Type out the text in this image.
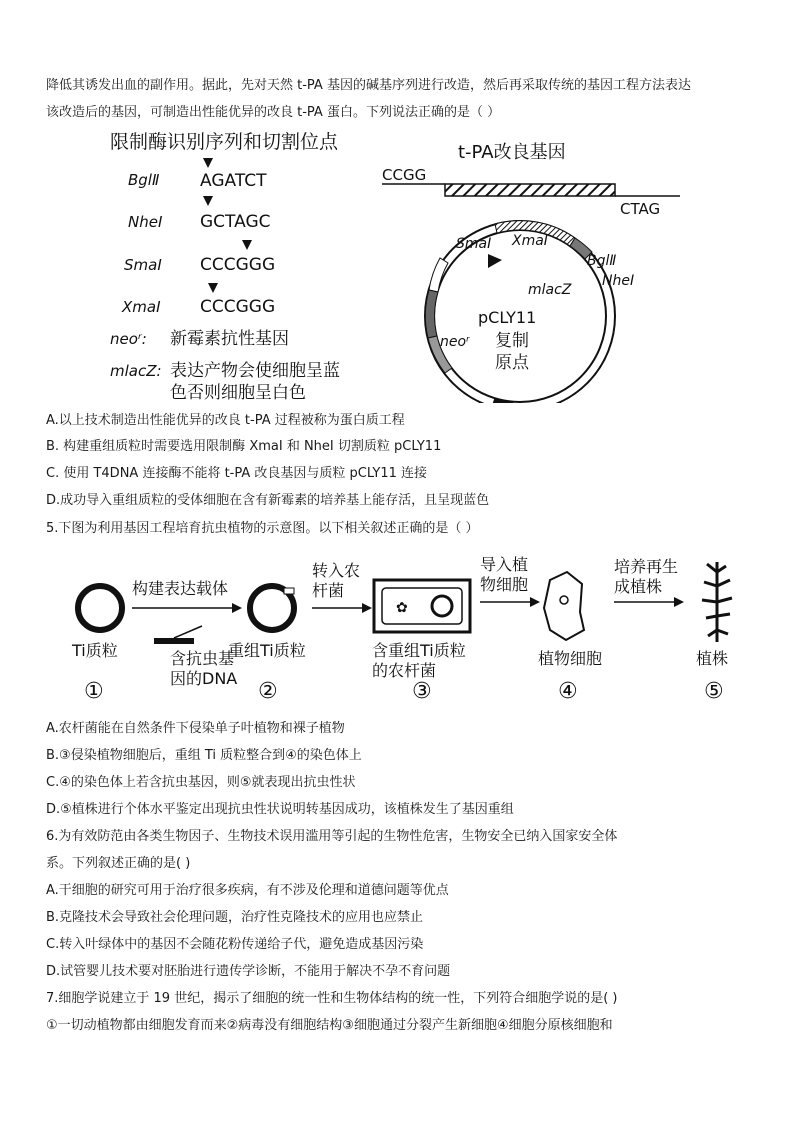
降低其诱发出血的副作用。据此，先对天然 t-PA 基因的碱基序列进行改造，然后再采取传统的基因工程方法表达
该改造后的基因，可制造出性能优异的改良 t-PA 蛋白。下列说法正确的是（ ）
限制酶识别序列和切割位点
BglⅡ AGATCT
NheⅠ GCTAGC
SmaⅠ CCCGGG
XmaⅠ CCCGGG
neoʳ: 新霉素抗性基因
mlacZ: 表达产物会使细胞呈蓝
色否则细胞呈白色
t-PA改良基因
CCGG
CTAG
SmaⅠ XmaⅠ
BglⅡ
NheⅠ
mlacZ
pCLY11
neoʳ 复制
原点
A.以上技术制造出性能优异的改良 t-PA 过程被称为蛋白质工程
B. 构建重组质粒时需要选用限制酶 XmaI 和 NheI 切割质粒 pCLY11
C. 使用 T4DNA 连接酶不能将 t-PA 改良基因与质粒 pCLY11 连接
D.成功导入重组质粒的受体细胞在含有新霉素的培养基上能存活，且呈现蓝色
5.下图为利用基因工程培育抗虫植物的示意图。以下相关叙述正确的是（ ）
Ti质粒
①
构建表达载体
含抗虫基
因的DNA
重组Ti质粒
②
转入农
杆菌
✿
含重组Ti质粒
的农杆菌
③
导入植
物细胞
植物细胞
④
培养再生
成植株
植株
⑤
A.农杆菌能在自然条件下侵染单子叶植物和裸子植物
B.③侵染植物细胞后，重组 Ti 质粒整合到④的染色体上
C.④的染色体上若含抗虫基因，则⑤就表现出抗虫性状
D.⑤植株进行个体水平鉴定出现抗虫性状说明转基因成功，该植株发生了基因重组
6.为有效防范由各类生物因子、生物技术误用滥用等引起的生物性危害，生物安全已纳入国家安全体
系。下列叙述正确的是( )
A.干细胞的研究可用于治疗很多疾病，有不涉及伦理和道德问题等优点
B.克隆技术会导致社会伦理问题，治疗性克隆技术的应用也应禁止
C.转入叶绿体中的基因不会随花粉传递给子代，避免造成基因污染
D.试管婴儿技术要对胚胎进行遗传学诊断，不能用于解决不孕不育问题
7.细胞学说建立于 19 世纪，揭示了细胞的统一性和生物体结构的统一性，下列符合细胞学说的是( )
①一切动植物都由细胞发育而来②病毒没有细胞结构③细胞通过分裂产生新细胞④细胞分原核细胞和
